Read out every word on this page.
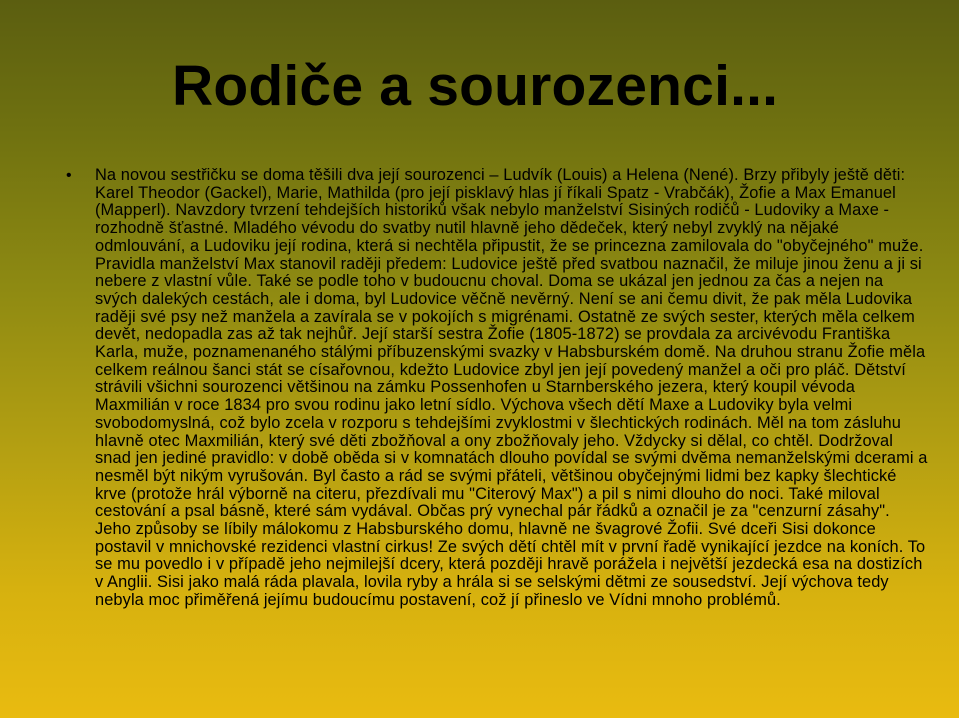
Rodiče a sourozenci...
• Na novou sestřičku se doma těšili dva její sourozenci – Ludvík (Louis) a Helena (Nené). Brzy přibyly ještě děti: Karel Theodor (Gackel), Marie, Mathilda (pro její pisklavý hlas jí říkali Spatz - Vrabčák), Žofie a Max Emanuel (Mapperl). Navzdory tvrzení tehdejších historiků však nebylo manželství Sisiných rodičů - Ludoviky a Maxe - rozhodně šťastné. Mladého vévodu do svatby nutil hlavně jeho dědeček, který nebyl zvyklý na nějaké odmlouvání, a Ludoviku její rodina, která si nechtěla připustit, že se princezna zamilovala do "obyčejného" muže. Pravidla manželství Max stanovil raději předem: Ludovice ještě před svatbou naznačil, že miluje jinou ženu a ji si nebere z vlastní vůle. Také se podle toho v budoucnu choval. Doma se ukázal jen jednou za čas a nejen na svých dalekých cestách, ale i doma, byl Ludovice věčně nevěrný. Není se ani čemu divit, že pak měla Ludovika raději své psy než manžela a zavírala se v pokojích s migrénami. Ostatně ze svých sester, kterých měla celkem devět, nedopadla zas až tak nejhůř. Její starší sestra Žofie (1805-1872) se provdala za arcivévodu Františka Karla, muže, poznamenaného stálými příbuzenskými svazky v Habsburském domě. Na druhou stranu Žofie měla celkem reálnou šanci stát se císařovnou, kdežto Ludovice zbyl jen její povedený manžel a oči pro pláč. Dětství strávili všichni sourozenci většinou na zámku Possenhofen u Starnberského jezera, který koupil vévoda Maxmilián v roce 1834 pro svou rodinu jako letní sídlo. Výchova všech dětí Maxe a Ludoviky byla velmi svobodomyslná, což bylo zcela v rozporu s tehdejšími zvyklostmi v šlechtických rodinách. Měl na tom zásluhu hlavně otec Maxmilián, který své děti zbožňoval a ony zbožňovaly jeho. Vždycky si dělal, co chtěl. Dodržoval snad jen jediné pravidlo: v době oběda si v komnatách dlouho povídal se svými dvěma nemanželskými dcerami a nesměl být nikým vyrušován. Byl často a rád se svými přáteli, většinou obyčejnými lidmi bez kapky šlechtické krve (protože hrál výborně na citeru, přezdívali mu "Citerový Max") a pil s nimi dlouho do noci. Také miloval cestování a psal básně, které sám vydával. Občas prý vynechal pár řádků a označil je za "cenzurní zásahy". Jeho způsoby se líbily málokomu z Habsburského domu, hlavně ne švagrové Žofii. Své dceři Sisi dokonce postavil v mnichovské rezidenci vlastní cirkus! Ze svých dětí chtěl mít v první řadě vynikající jezdce na koních. To se mu povedlo i v případě jeho nejmilejší dcery, která později hravě porážela i největší jezdecká esa na dostizích v Anglii. Sisi jako malá ráda plavala, lovila ryby a hrála si se selskými dětmi ze sousedství. Její výchova tedy nebyla moc přiměřená jejímu budoucímu postavení, což jí přineslo ve Vídni mnoho problémů.
